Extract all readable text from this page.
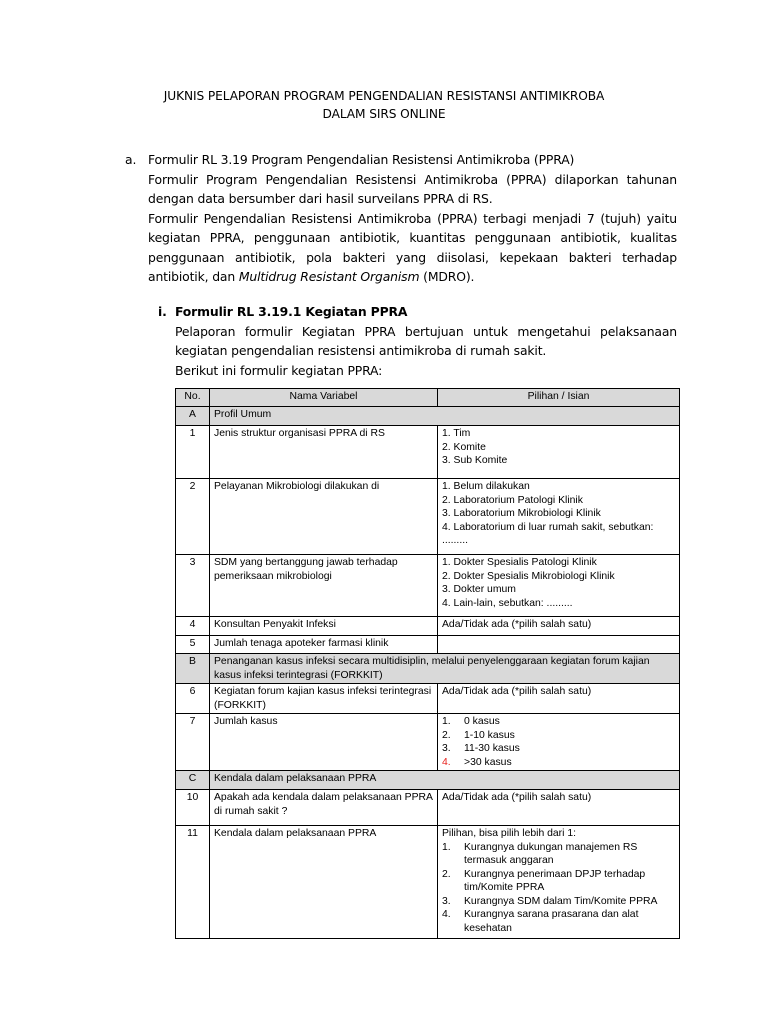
JUKNIS PELAPORAN PROGRAM PENGENDALIAN RESISTANSI ANTIMIKROBA
DALAM SIRS ONLINE
a. Formulir RL 3.19 Program Pengendalian Resistensi Antimikroba (PPRA)

Formulir Program Pengendalian Resistensi Antimikroba (PPRA) dilaporkan tahunan dengan data bersumber dari hasil surveilans PPRA di RS.

Formulir Pengendalian Resistensi Antimikroba (PPRA) terbagi menjadi 7 (tujuh) yaitu kegiatan PPRA, penggunaan antibiotik, kuantitas penggunaan antibiotik, kualitas penggunaan antibiotik, pola bakteri yang diisolasi, kepekaan bakteri terhadap antibiotik, dan Multidrug Resistant Organism (MDRO).

i. Formulir RL 3.19.1 Kegiatan PPRA

Pelaporan formulir Kegiatan PPRA bertujuan untuk mengetahui pelaksanaan kegiatan pengendalian resistensi antimikroba di rumah sakit.

Berikut ini formulir kegiatan PPRA:

No.	Nama Variabel	Pilihan / Isian
A	Profil Umum	
1	Jenis struktur organisasi PPRA di RS	1. Tim
2. Komite
3. Sub Komite

2	Pelayanan Mikrobiologi dilakukan di	1. Belum dilakukan
2. Laboratorium Patologi Klinik
3. Laboratorium Mikrobiologi Klinik
4. Laboratorium di luar rumah sakit, sebutkan: .........

3	SDM yang bertanggung jawab terhadap pemeriksaan mikrobiologi	1. Dokter Spesialis Patologi Klinik
2. Dokter Spesialis Mikrobiologi Klinik
3. Dokter umum
4. Lain-lain, sebutkan: .........

4	Konsultan Penyakit Infeksi	Ada/Tidak ada (*pilih salah satu)
5	Jumlah tenaga apoteker farmasi klinik	
B	Penanganan kasus infeksi secara multidisiplin, melalui penyelenggaraan kegiatan forum kajian kasus infeksi terintegrasi (FORKKIT)	
6	Kegiatan forum kajian kasus infeksi terintegrasi (FORKKIT)	Ada/Tidak ada (*pilih salah satu)
7	Jumlah kasus	1. 0 kasus
2. 1-10 kasus
3. 11-30 kasus
4. >30 kasus

C	Kendala dalam pelaksanaan PPRA	
10	Apakah ada kendala dalam pelaksanaan PPRA di rumah sakit ?	Ada/Tidak ada (*pilih salah satu)
11	Kendala dalam pelaksanaan PPRA	Pilihan, bisa pilih lebih dari 1:
1. Kurangnya dukungan manajemen RS termasuk anggaran
2. Kurangnya penerimaan DPJP terhadap tim/Komite PPRA
3. Kurangnya SDM dalam Tim/Komite PPRA
4. Kurangnya sarana prasarana dan alat kesehatan
